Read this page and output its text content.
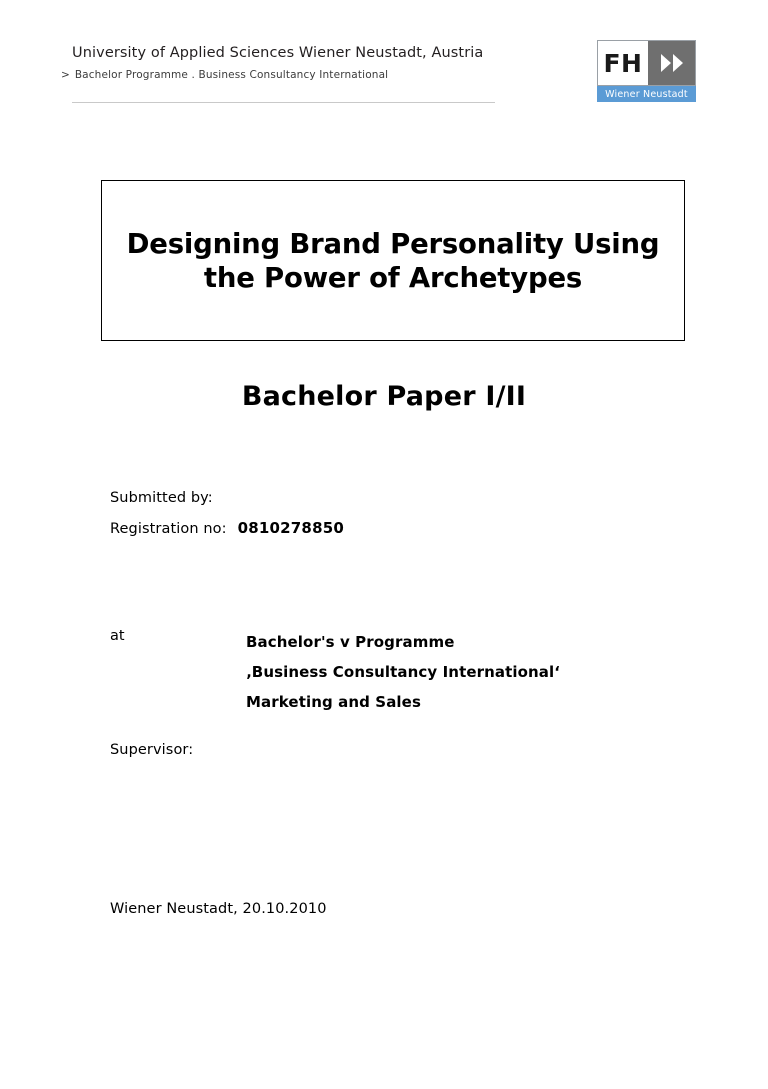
University of Applied Sciences Wiener Neustadt, Austria
> Bachelor Programme . Business Consultancy International	FH
Wiener Neustadt
Designing Brand Personality Using the Power of Archetypes
Bachelor Paper I/II
Submitted by:
Registration no: 0810278850
at	Bachelor's v Programme
‚Business Consultancy International‘
Marketing and Sales
Supervisor:
Wiener Neustadt, 20.10.2010
